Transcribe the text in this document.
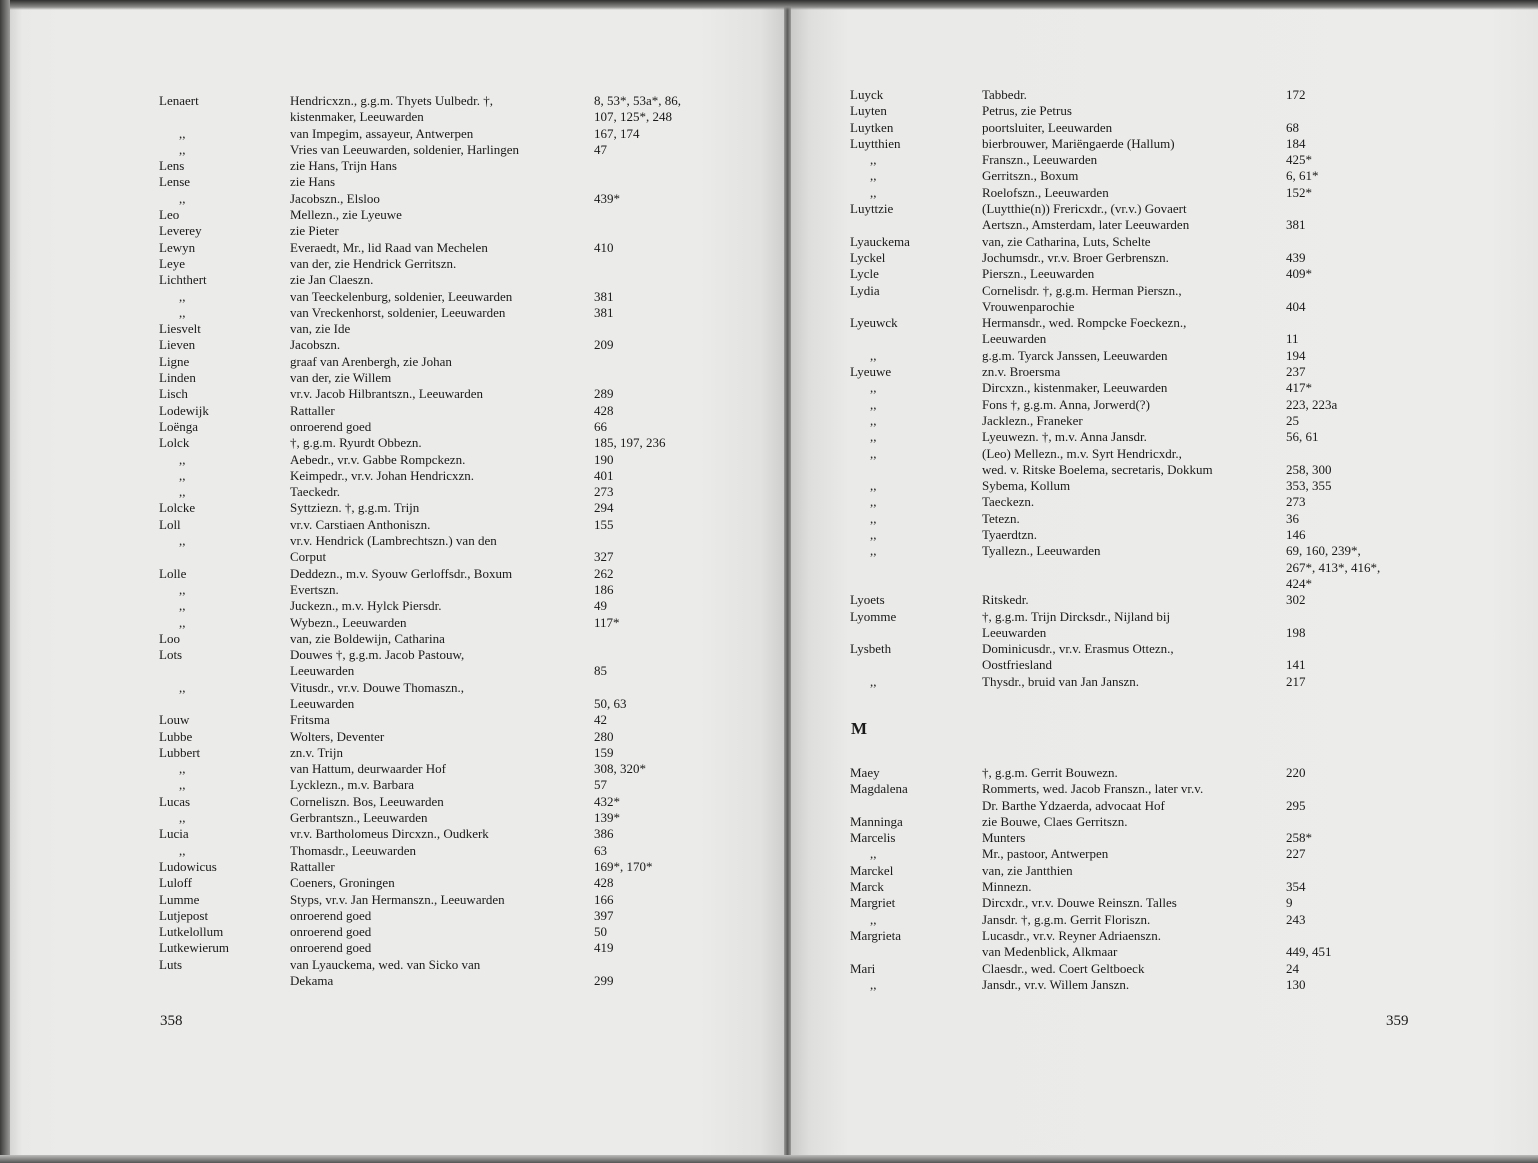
Lenaert	Hendricxzn., g.g.m. Thyets Uulbedr. †,	8, 53*, 53a*, 86,
kistenmaker, Leeuwarden	107, 125*, 248
,,	van Impegim, assayeur, Antwerpen	167, 174
,,	Vries van Leeuwarden, soldenier, Harlingen	47
Lens	zie Hans, Trijn Hans
Lense	zie Hans
,,	Jacobszn., Elsloo	439*
Leo	Mellezn., zie Lyeuwe
Leverey	zie Pieter
Lewyn	Everaedt, Mr., lid Raad van Mechelen	410
Leye	van der, zie Hendrick Gerritszn.
Lichthert	zie Jan Claeszn.
,,	van Teeckelenburg, soldenier, Leeuwarden	381
,,	van Vreckenhorst, soldenier, Leeuwarden	381
Liesvelt	van, zie Ide
Lieven	Jacobszn.	209
Ligne	graaf van Arenbergh, zie Johan
Linden	van der, zie Willem
Lisch	vr.v. Jacob Hilbrantszn., Leeuwarden	289
Lodewijk	Rattaller	428
Loënga	onroerend goed	66
Lolck	†, g.g.m. Ryurdt Obbezn.	185, 197, 236
,,	Aebedr., vr.v. Gabbe Rompckezn.	190
,,	Keimpedr., vr.v. Johan Hendricxzn.	401
,,	Taeckedr.	273
Lolcke	Syttziezn. †, g.g.m. Trijn	294
Loll	vr.v. Carstiaen Anthoniszn.	155
,,	vr.v. Hendrick (Lambrechtszn.) van den
Corput	327
Lolle	Deddezn., m.v. Syouw Gerloffsdr., Boxum	262
,,	Evertszn.	186
,,	Juckezn., m.v. Hylck Piersdr.	49
,,	Wybezn., Leeuwarden	117*
Loo	van, zie Boldewijn, Catharina
Lots	Douwes †, g.g.m. Jacob Pastouw,
Leeuwarden	85
,,	Vitusdr., vr.v. Douwe Thomaszn.,
Leeuwarden	50, 63
Louw	Fritsma	42
Lubbe	Wolters, Deventer	280
Lubbert	zn.v. Trijn	159
,,	van Hattum, deurwaarder Hof	308, 320*
,,	Lycklezn., m.v. Barbara	57
Lucas	Corneliszn. Bos, Leeuwarden	432*
,,	Gerbrantszn., Leeuwarden	139*
Lucia	vr.v. Bartholomeus Dircxzn., Oudkerk	386
,,	Thomasdr., Leeuwarden	63
Ludowicus	Rattaller	169*, 170*
Luloff	Coeners, Groningen	428
Lumme	Styps, vr.v. Jan Hermanszn., Leeuwarden	166
Lutjepost	onroerend goed	397
Lutkelollum	onroerend goed	50
Lutkewierum	onroerend goed	419
Luts	van Lyauckema, wed. van Sicko van
Dekama	299
Luyck	Tabbedr.	172
Luyten	Petrus, zie Petrus
Luytken	poortsluiter, Leeuwarden	68
Luytthien	bierbrouwer, Mariëngaerde (Hallum)	184
,,	Franszn., Leeuwarden	425*
,,	Gerritszn., Boxum	6, 61*
,,	Roelofszn., Leeuwarden	152*
Luyttzie	(Luytthie(n)) Frericxdr., (vr.v.) Govaert
Aertszn., Amsterdam, later Leeuwarden	381
Lyauckema	van, zie Catharina, Luts, Schelte
Lyckel	Jochumsdr., vr.v. Broer Gerbrenszn.	439
Lycle	Pierszn., Leeuwarden	409*
Lydia	Cornelisdr. †, g.g.m. Herman Pierszn.,
Vrouwenparochie	404
Lyeuwck	Hermansdr., wed. Rompcke Foeckezn.,
Leeuwarden	11
,,	g.g.m. Tyarck Janssen, Leeuwarden	194
Lyeuwe	zn.v. Broersma	237
,,	Dircxzn., kistenmaker, Leeuwarden	417*
,,	Fons †, g.g.m. Anna, Jorwerd(?)	223, 223a
,,	Jacklezn., Franeker	25
,,	Lyeuwezn. †, m.v. Anna Jansdr.	56, 61
,,	(Leo) Mellezn., m.v. Syrt Hendricxdr.,
wed. v. Ritske Boelema, secretaris, Dokkum	258, 300
,,	Sybema, Kollum	353, 355
,,	Taeckezn.	273
,,	Tetezn.	36
,,	Tyaerdtzn.	146
,,	Tyallezn., Leeuwarden	69, 160, 239*,
267*, 413*, 416*,
424*
Lyoets	Ritskedr.	302
Lyomme	†, g.g.m. Trijn Dircksdr., Nijland bij
Leeuwarden	198
Lysbeth	Dominicusdr., vr.v. Erasmus Ottezn.,
Oostfriesland	141
,,	Thysdr., bruid van Jan Janszn.	217
Maey	†, g.g.m. Gerrit Bouwezn.	220
Magdalena	Rommerts, wed. Jacob Franszn., later vr.v.
Dr. Barthe Ydzaerda, advocaat Hof	295
Manninga	zie Bouwe, Claes Gerritszn.
Marcelis	Munters	258*
,,	Mr., pastoor, Antwerpen	227
Marckel	van, zie Jantthien
Marck	Minnezn.	354
Margriet	Dircxdr., vr.v. Douwe Reinszn. Talles	9
,,	Jansdr. †, g.g.m. Gerrit Floriszn.	243
Margrieta	Lucasdr., vr.v. Reyner Adriaenszn.
van Medenblick, Alkmaar	449, 451
Mari	Claesdr., wed. Coert Geltboeck	24
,,	Jansdr., vr.v. Willem Janszn.	130
M
358	359
